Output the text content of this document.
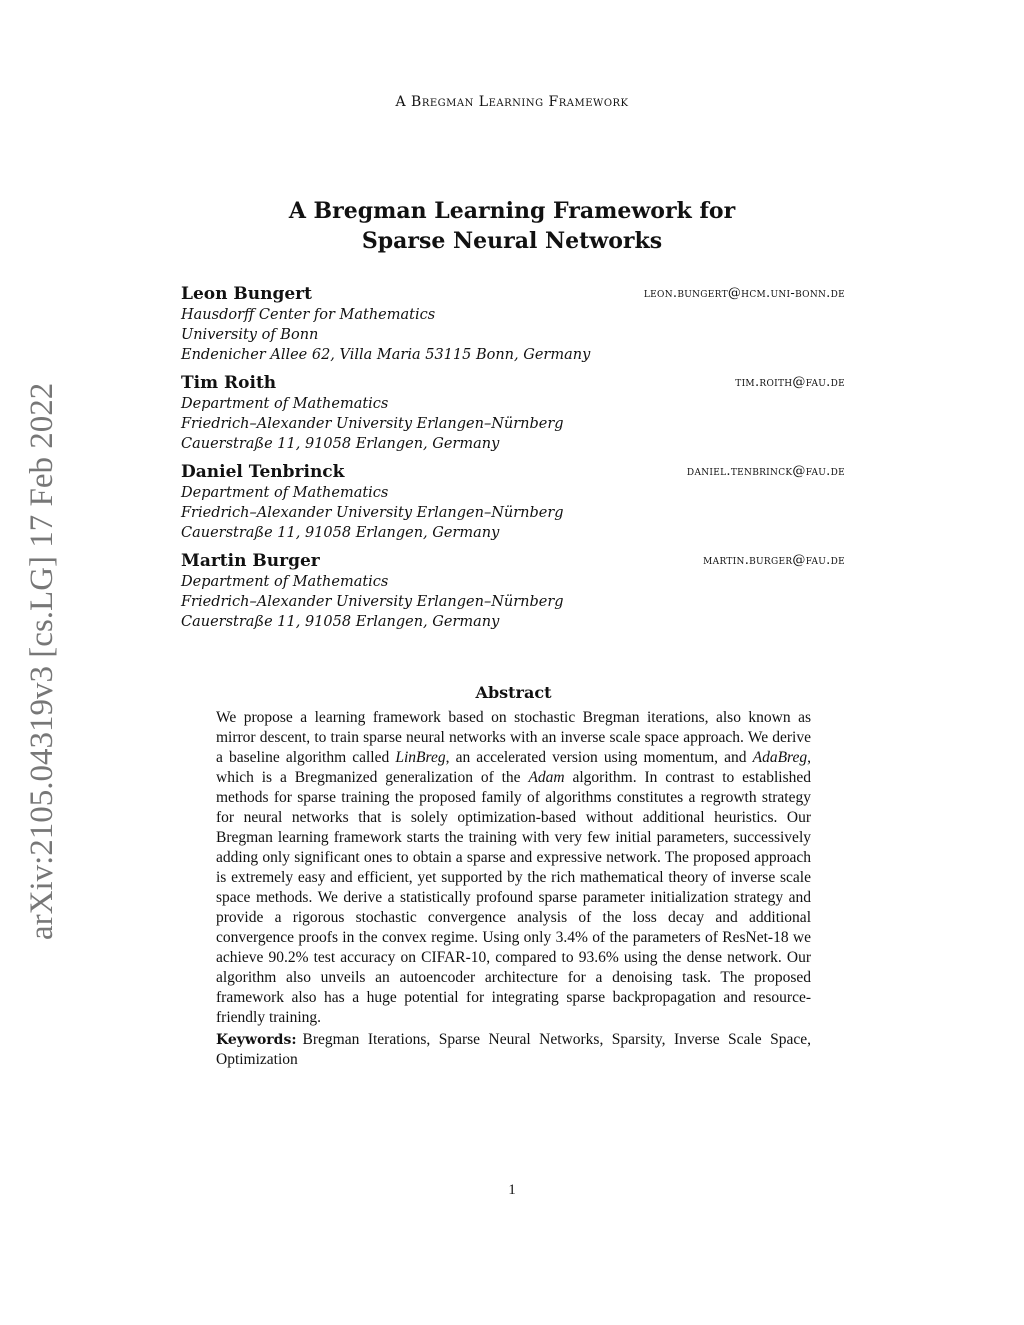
A Bregman Learning Framework
arXiv:2105.04319v3 [cs.LG] 17 Feb 2022
A Bregman Learning Framework for
Sparse Neural Networks
Leon Bungert	leon.bungert@hcm.uni-bonn.de
Hausdorff Center for Mathematics
University of Bonn
Endenicher Allee 62, Villa Maria 53115 Bonn, Germany
Tim Roith	tim.roith@fau.de
Department of Mathematics
Friedrich–Alexander University Erlangen–Nürnberg
Cauerstraße 11, 91058 Erlangen, Germany
Daniel Tenbrinck	daniel.tenbrinck@fau.de
Department of Mathematics
Friedrich–Alexander University Erlangen–Nürnberg
Cauerstraße 11, 91058 Erlangen, Germany
Martin Burger	martin.burger@fau.de
Department of Mathematics
Friedrich–Alexander University Erlangen–Nürnberg
Cauerstraße 11, 91058 Erlangen, Germany
Abstract
We propose a learning framework based on stochastic Bregman iterations, also known as mirror descent, to train sparse neural networks with an inverse scale space approach. We derive a baseline algorithm called LinBreg, an accelerated version using momentum, and AdaBreg, which is a Bregmanized generalization of the Adam algorithm. In contrast to established methods for sparse training the proposed family of algorithms constitutes a regrowth strategy for neural networks that is solely optimization-based without additional heuristics. Our Bregman learning framework starts the training with very few initial parameters, successively adding only significant ones to obtain a sparse and expressive network. The proposed approach is extremely easy and efficient, yet supported by the rich mathematical theory of inverse scale space methods. We derive a statistically profound sparse parameter initialization strategy and provide a rigorous stochastic convergence analysis of the loss decay and additional convergence proofs in the convex regime. Using only 3.4% of the parameters of ResNet-18 we achieve 90.2% test accuracy on CIFAR-10, compared to 93.6% using the dense network. Our algorithm also unveils an autoencoder architecture for a denoising task. The proposed framework also has a huge potential for integrating sparse backpropagation and resource-friendly training.
Keywords: Bregman Iterations, Sparse Neural Networks, Sparsity, Inverse Scale Space, Optimization
1
